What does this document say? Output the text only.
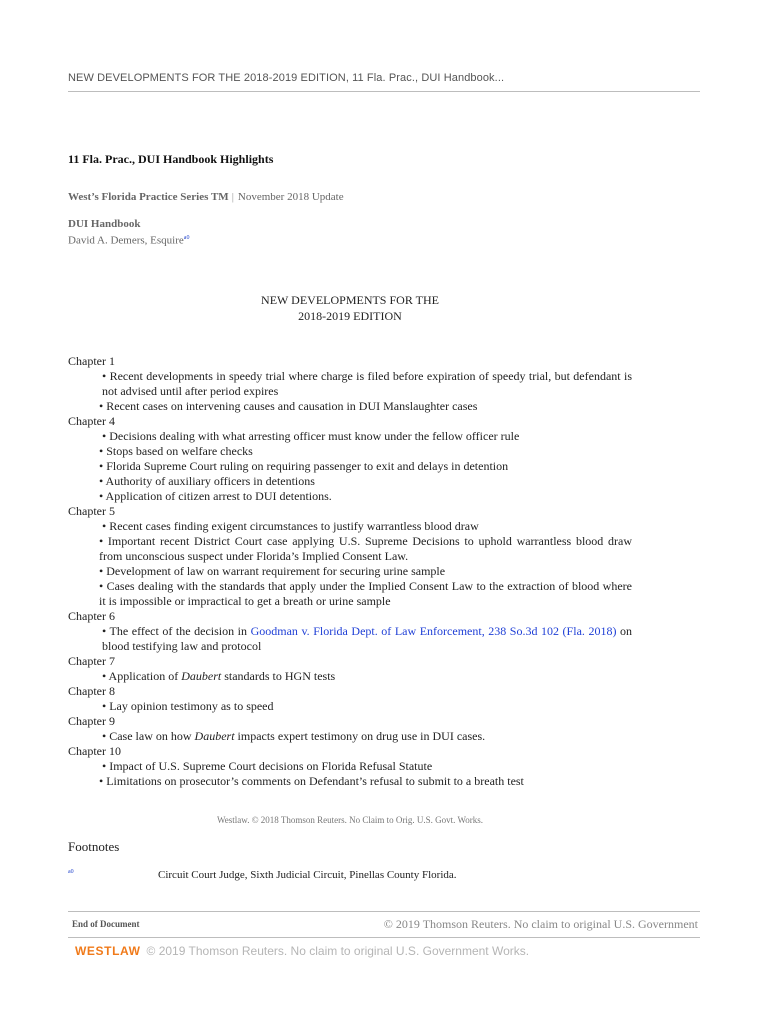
NEW DEVELOPMENTS FOR THE 2018-2019 EDITION, 11 Fla. Prac., DUI Handbook...
11 Fla. Prac., DUI Handbook Highlights
West’s Florida Practice Series TM | November 2018 Update
DUI Handbook
David A. Demers, Esquire$^{a0}$
NEW DEVELOPMENTS FOR THE
2018-2019 EDITION
Chapter 1
• Recent developments in speedy trial where charge is filed before expiration of speedy trial, but defendant is not advised until after period expires
• Recent cases on intervening causes and causation in DUI Manslaughter cases
Chapter 4
• Decisions dealing with what arresting officer must know under the fellow officer rule
• Stops based on welfare checks
• Florida Supreme Court ruling on requiring passenger to exit and delays in detention
• Authority of auxiliary officers in detentions
• Application of citizen arrest to DUI detentions.
Chapter 5
• Recent cases finding exigent circumstances to justify warrantless blood draw
• Important recent District Court case applying U.S. Supreme Decisions to uphold warrantless blood draw from unconscious suspect under Florida’s Implied Consent Law.
• Development of law on warrant requirement for securing urine sample
• Cases dealing with the standards that apply under the Implied Consent Law to the extraction of blood where it is impossible or impractical to get a breath or urine sample
Chapter 6
• The effect of the decision in Goodman v. Florida Dept. of Law Enforcement, 238 So.3d 102 (Fla. 2018) on blood testifying law and protocol
Chapter 7
• Application of Daubert standards to HGN tests
Chapter 8
• Lay opinion testimony as to speed
Chapter 9
• Case law on how Daubert impacts expert testimony on drug use in DUI cases.
Chapter 10
• Impact of U.S. Supreme Court decisions on Florida Refusal Statute
• Limitations on prosecutor’s comments on Defendant’s refusal to submit to a breath test
Westlaw. © 2018 Thomson Reuters. No Claim to Orig. U.S. Govt. Works.
Footnotes
a0	Circuit Court Judge, Sixth Judicial Circuit, Pinellas County Florida.
End of Document	© 2019 Thomson Reuters. No claim to original U.S. Government
WESTLAW © 2019 Thomson Reuters. No claim to original U.S. Government Works.
